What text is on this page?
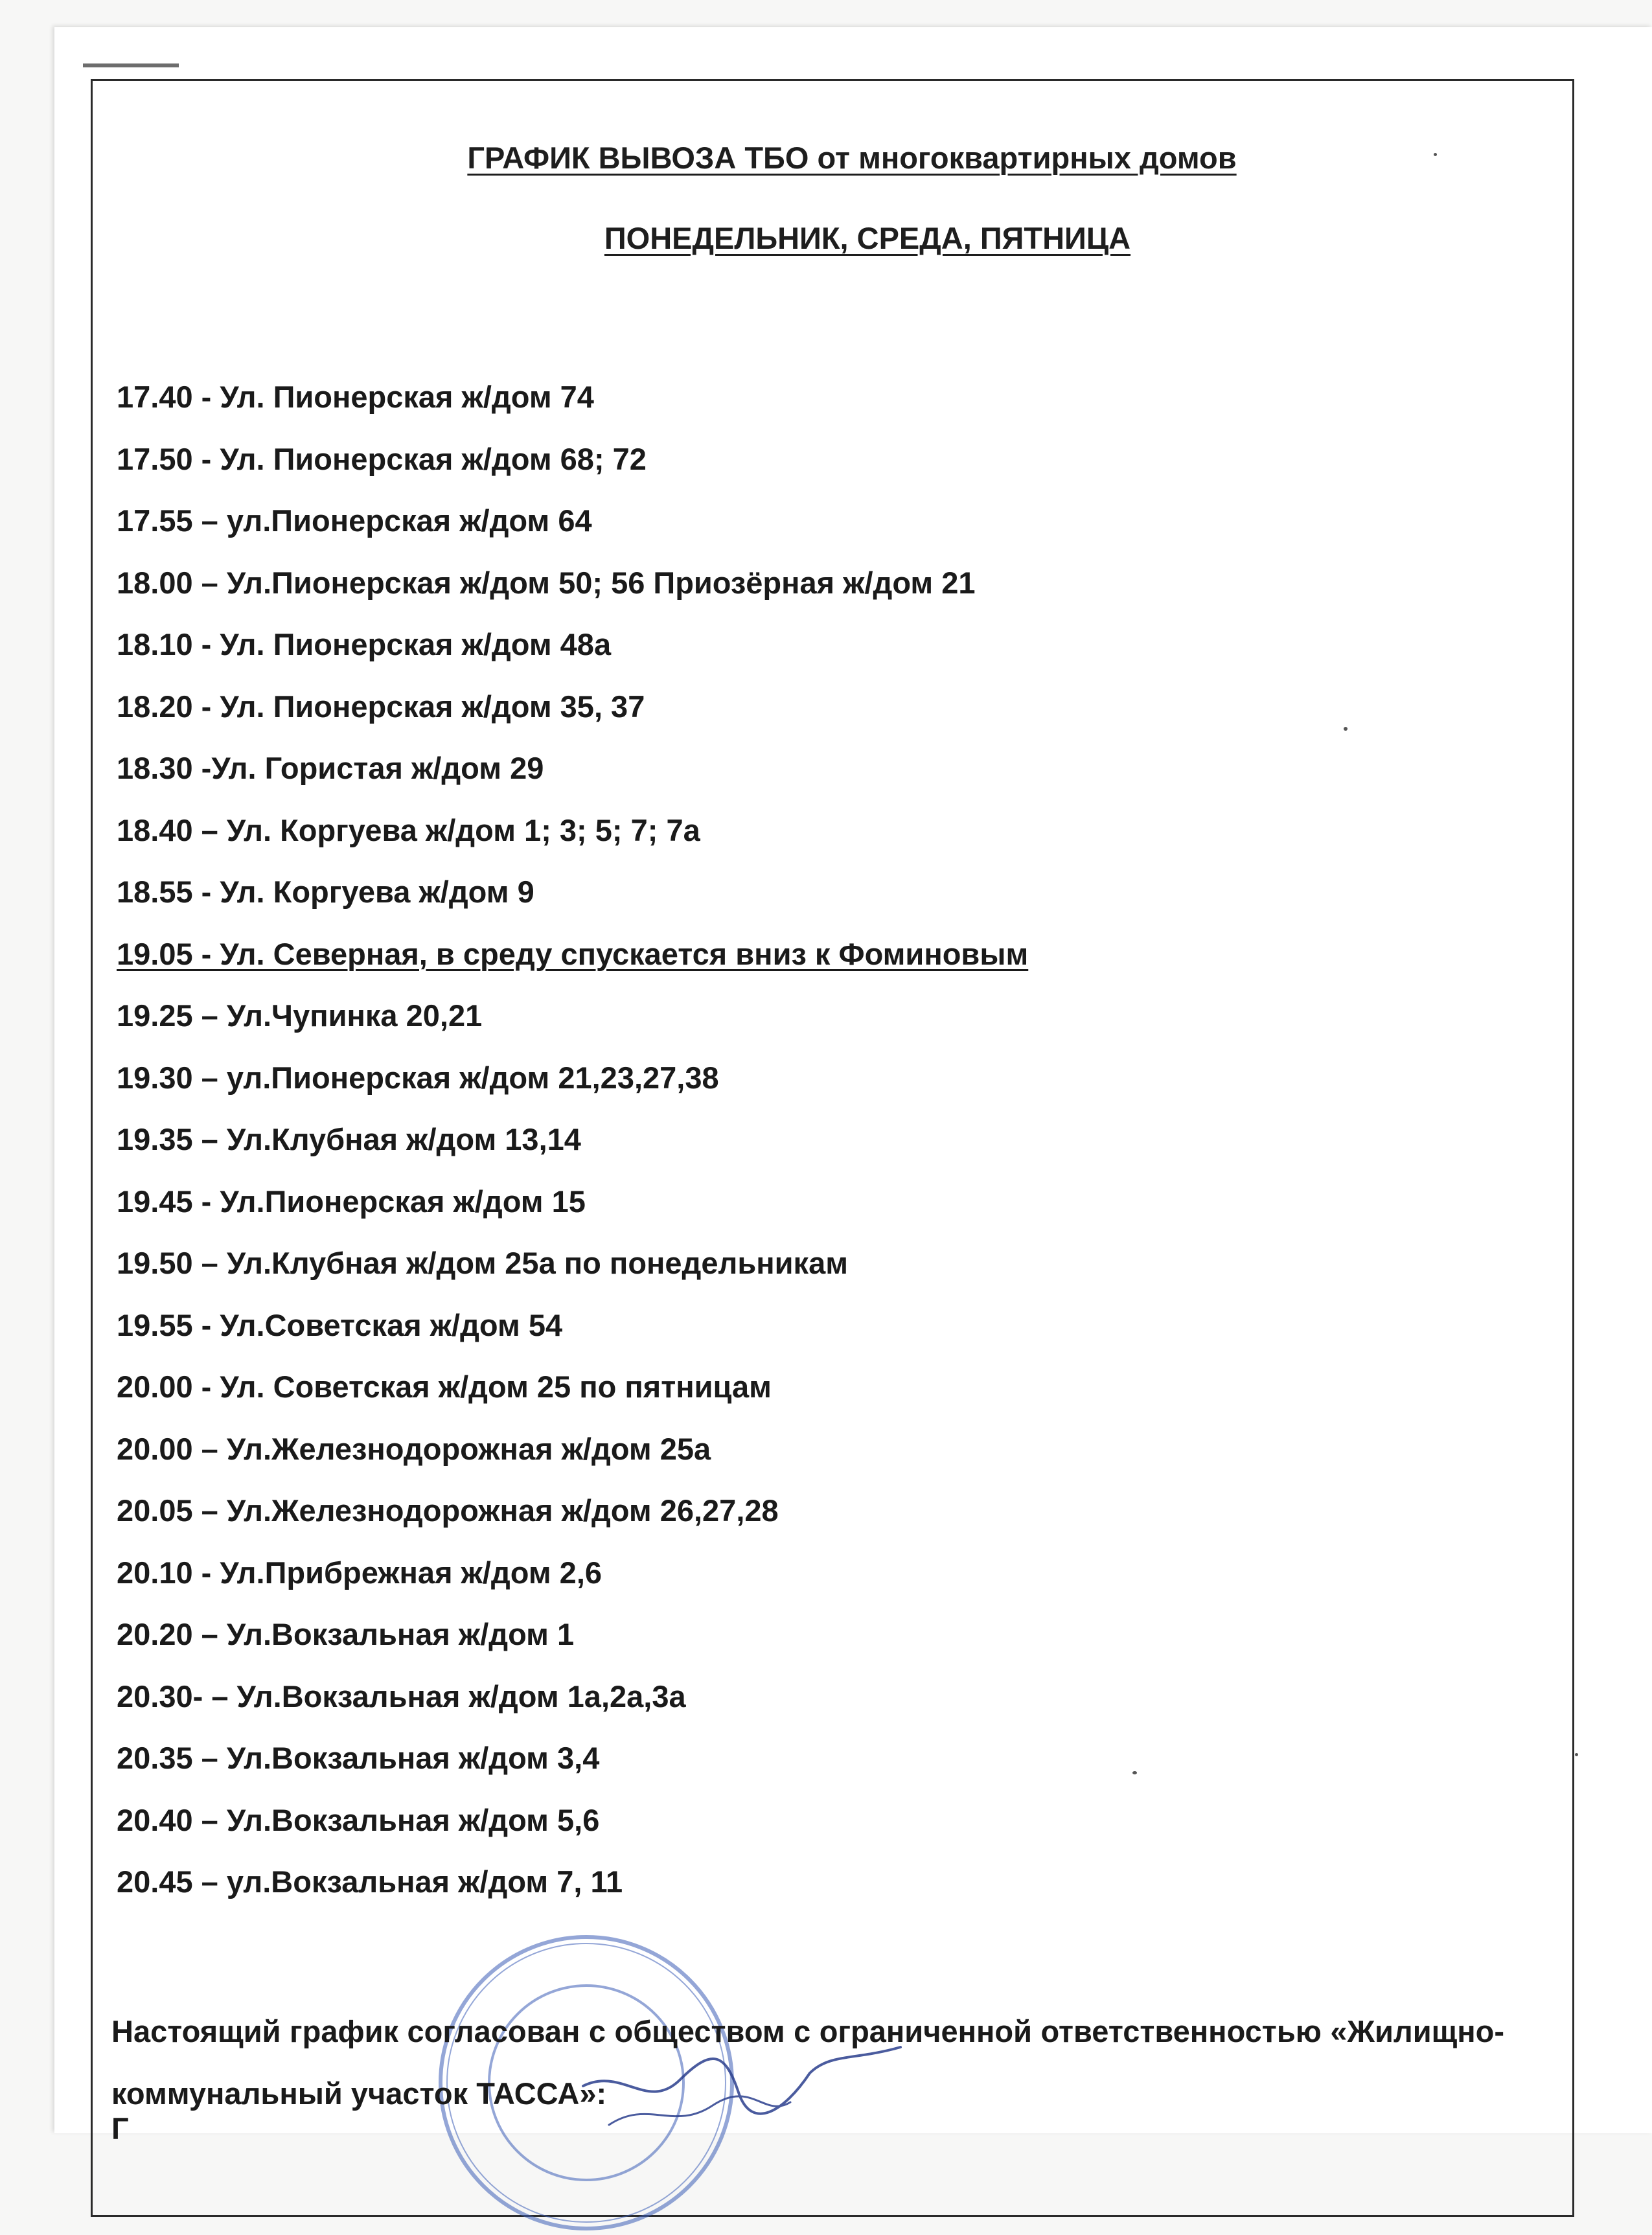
ГРАФИК ВЫВОЗА ТБО от многоквартирных домов
ПОНЕДЕЛЬНИК, СРЕДА, ПЯТНИЦА
17.40 - Ул. Пионерская ж/дом 74
17.50 - Ул. Пионерская ж/дом 68; 72
17.55 – ул.Пионерская ж/дом 64
18.00 – Ул.Пионерская ж/дом 50; 56 Приозёрная ж/дом 21
18.10 - Ул. Пионерская ж/дом 48а
18.20 - Ул. Пионерская ж/дом 35, 37
18.30 -Ул. Гористая ж/дом 29
18.40 – Ул. Коргуева ж/дом 1; 3; 5; 7; 7а
18.55 - Ул. Коргуева ж/дом 9
19.05 - Ул. Северная, в среду спускается вниз к Фоминовым
19.25 – Ул.Чупинка 20,21
19.30 – ул.Пионерская ж/дом 21,23,27,38
19.35 – Ул.Клубная ж/дом 13,14
19.45 - Ул.Пионерская ж/дом 15
19.50 – Ул.Клубная ж/дом 25а по понедельникам
19.55 - Ул.Советская ж/дом 54
20.00 - Ул. Советская ж/дом 25 по пятницам
20.00 – Ул.Железнодорожная ж/дом 25а
20.05 – Ул.Железнодорожная ж/дом 26,27,28
20.10 - Ул.Прибрежная ж/дом 2,6
20.20 – Ул.Вокзальная ж/дом 1
20.30- – Ул.Вокзальная ж/дом 1а,2а,3а
20.35 – Ул.Вокзальная ж/дом 3,4
20.40 – Ул.Вокзальная ж/дом 5,6
20.45 – ул.Вокзальная ж/дом 7, 11
Настоящий график согласован с обществом с ограниченной ответственностью «Жилищно-коммунальный участок ТАССА»:
Г
